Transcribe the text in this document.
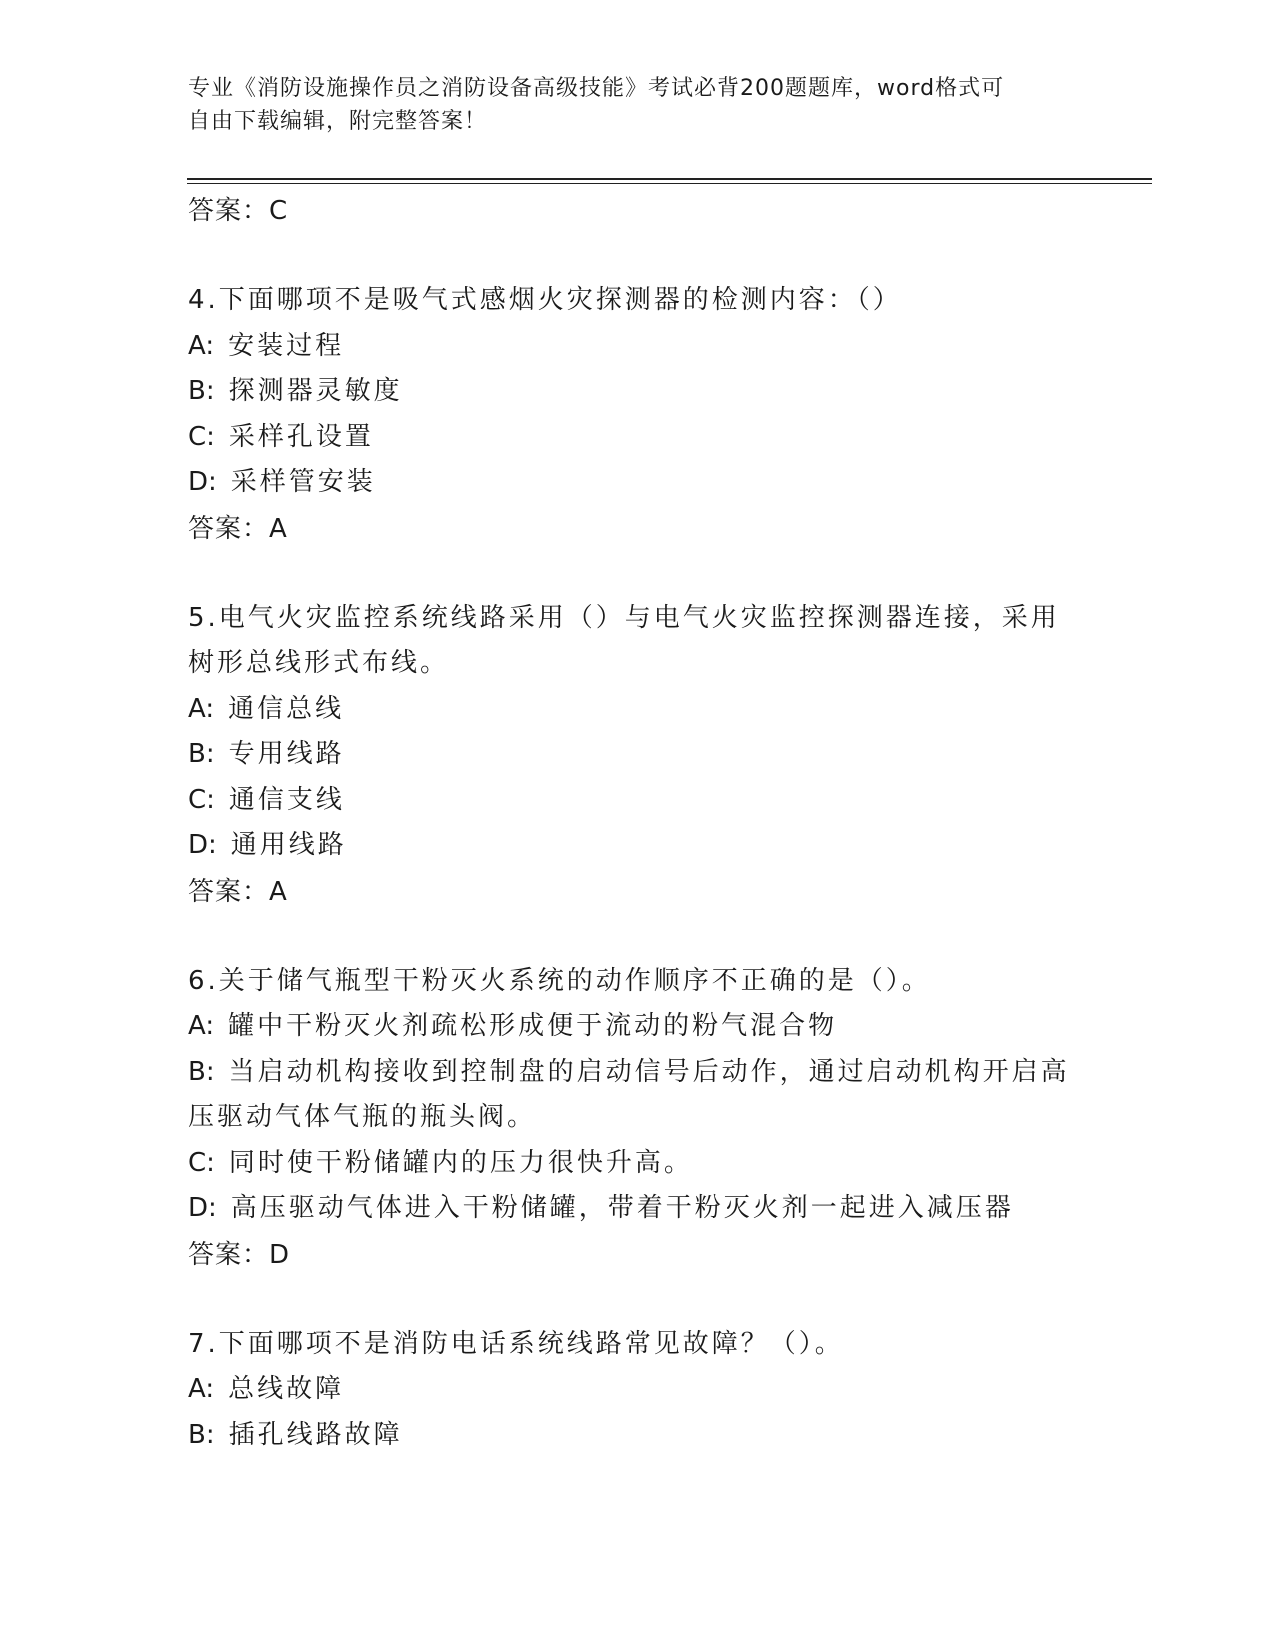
专业《消防设施操作员之消防设备高级技能》考试必背200题题库，word格式可
自由下载编辑，附完整答案！
答案：C
4.下面哪项不是吸气式感烟火灾探测器的检测内容：（）
A: 安装过程
B: 探测器灵敏度
C: 采样孔设置
D: 采样管安装
答案：A
5.电气火灾监控系统线路采用（）与电气火灾监控探测器连接，采用
树形总线形式布线。
A: 通信总线
B: 专用线路
C: 通信支线
D: 通用线路
答案：A
6.关于储气瓶型干粉灭火系统的动作顺序不正确的是（）。
A: 罐中干粉灭火剂疏松形成便于流动的粉气混合物
B: 当启动机构接收到控制盘的启动信号后动作，通过启动机构开启高
压驱动气体气瓶的瓶头阀。
C: 同时使干粉储罐内的压力很快升高。
D: 高压驱动气体进入干粉储罐，带着干粉灭火剂一起进入减压器
答案：D
7.下面哪项不是消防电话系统线路常见故障？（）。
A: 总线故障
B: 插孔线路故障
